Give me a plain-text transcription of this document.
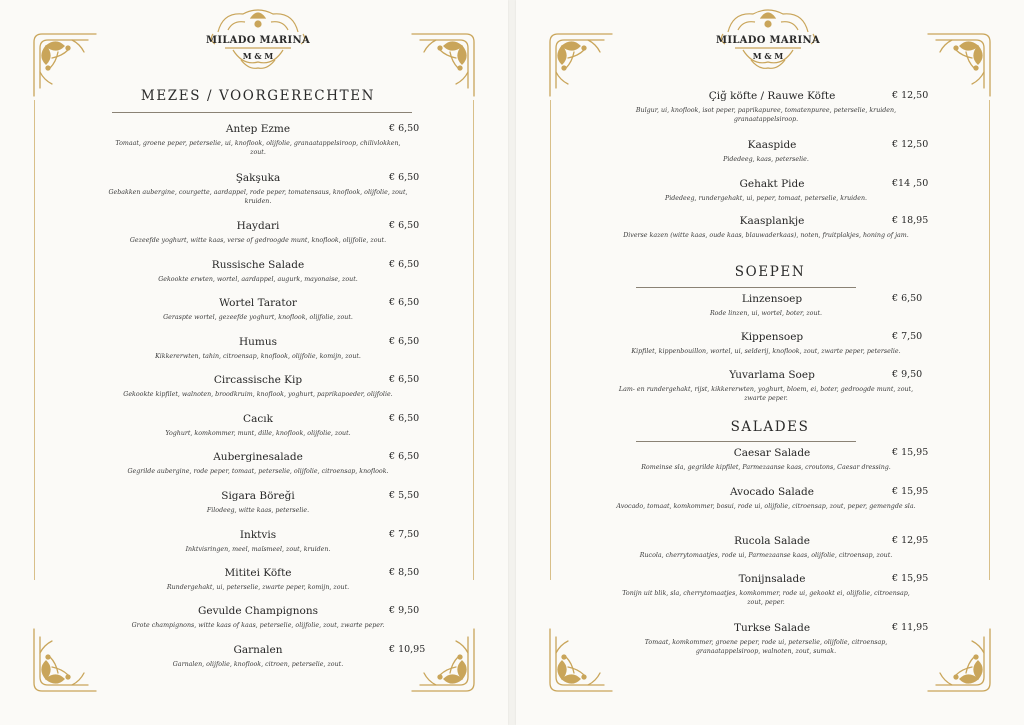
MILADO MARINA
M & M
MEZES / VOORGERECHTEN
Antep Ezme	€ 6,50
Tomaat, groene peper, peterselie, ui, knoflook, olijfolie, granaatappelsiroop, chilivlokken, zout.
Şakşuka	€ 6,50
Gebakken aubergine, courgette, aardappel, rode peper, tomatensaus, knoflook, olijfolie, zout, kruiden.
Haydari	€ 6,50
Gezeefde yoghurt, witte kaas, verse of gedroogde munt, knoflook, olijfolie, zout.
Russische Salade	€ 6,50
Gekookte erwten, wortel, aardappel, augurk, mayonaise, zout.
Wortel Tarator	€ 6,50
Geraspte wortel, gezeefde yoghurt, knoflook, olijfolie, zout.
Humus	€ 6,50
Kikkererwten, tahin, citroensap, knoflook, olijfolie, komijn, zout.
Circassische Kip	€ 6,50
Gekookte kipfilet, walnoten, broodkruim, knoflook, yoghurt, paprikapoeder, olijfolie.
Cacık	€ 6,50
Yoghurt, komkommer, munt, dille, knoflook, olijfolie, zout.
Auberginesalade	€ 6,50
Gegrilde aubergine, rode peper, tomaat, peterselie, olijfolie, citroensap, knoflook.
Sigara Böreği	€ 5,50
Filodeeg, witte kaas, peterselie.
Inktvis	€ 7,50
Inktvisringen, meel, maïsmeel, zout, kruiden.
Mititei Köfte	€ 8,50
Rundergehakt, ui, peterselie, zwarte peper, komijn, zout.
Gevulde Champignons	€ 9,50
Grote champignons, witte kaas of kaas, peterselie, olijfolie, zout, zwarte peper.
Garnalen	€ 10,95
Garnalen, olijfolie, knoflook, citroen, peterselie, zout.
MILADO MARINA
M & M
Çiğ köfte / Rauwe Köfte	€ 12,50
Bulgur, ui, knoflook, isot peper, paprikapuree, tomatenpuree, peterselie, kruiden, granaatappelsiroop.
Kaaspide	€ 12,50
Pidedeeg, kaas, peterselie.
Gehakt Pide	€14 ,50
Pidedeeg, rundergehakt, ui, peper, tomaat, peterselie, kruiden.
Kaasplankje	€ 18,95
Diverse kazen (witte kaas, oude kaas, blauwaderkaas), noten, fruitplakjes, honing of jam.
SOEPEN
Linzensoep	€ 6,50
Rode linzen, ui, wortel, boter, zout.
Kippensoep	€ 7,50
Kipfilet, kippenbouillon, wortel, ui, selderij, knoflook, zout, zwarte peper, peterselie.
Yuvarlama Soep	€ 9,50
Lam- en rundergehakt, rijst, kikkererwten, yoghurt, bloem, ei, boter, gedroogde munt, zout, zwarte peper.
SALADES
Caesar Salade	€ 15,95
Romeinse sla, gegrilde kipfilet, Parmezaanse kaas, croutons, Caesar dressing.
Avocado Salade	€ 15,95
Avocado, tomaat, komkommer, bosui, rode ui, olijfolie, citroensap, zout, peper, gemengde sla.
Rucola Salade	€ 12,95
Rucola, cherrytomaatjes, rode ui, Parmezaanse kaas, olijfolie, citroensap, zout.
Tonijnsalade	€ 15,95
Tonijn uit blik, sla, cherrytomaatjes, komkommer, rode ui, gekookt ei, olijfolie, citroensap, zout, peper.
Turkse Salade	€ 11,95
Tomaat, komkommer, groene peper, rode ui, peterselie, olijfolie, citroensap, granaatappelsiroop, walnoten, zout, sumak.
